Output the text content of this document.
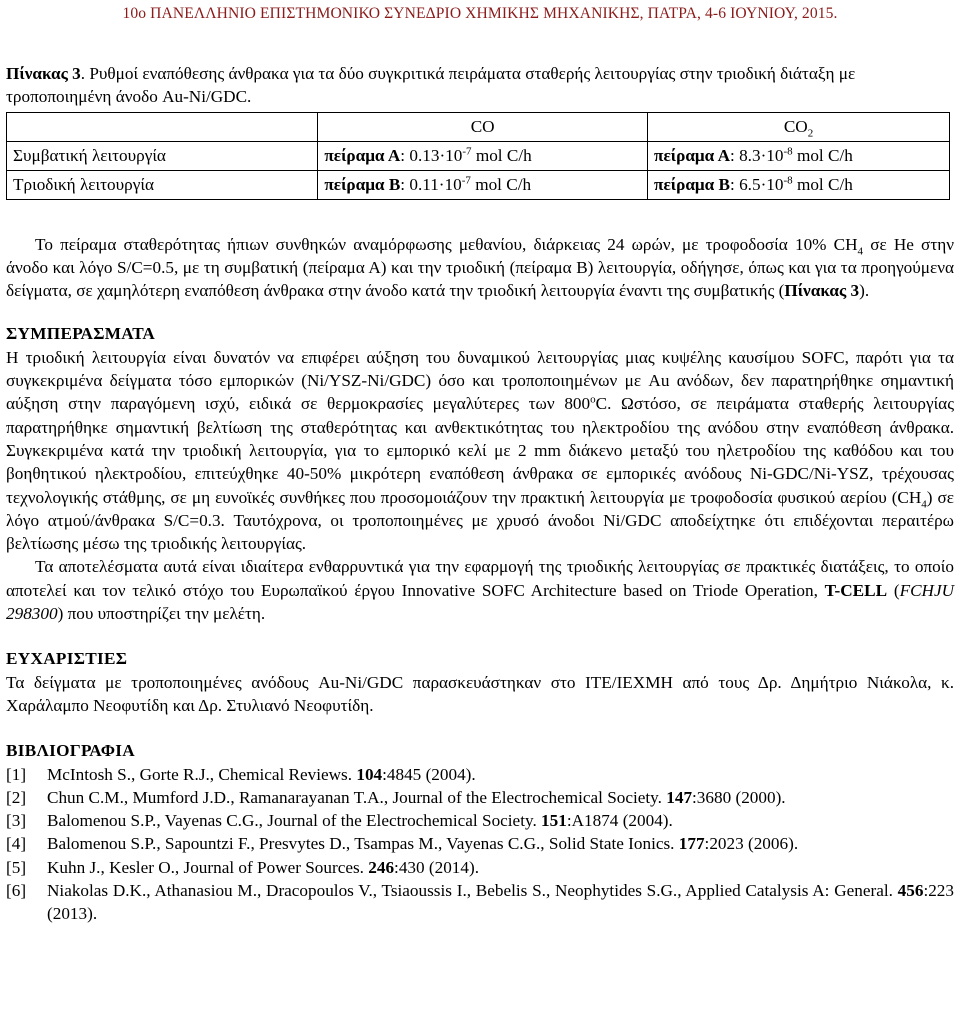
10ο ΠΑΝΕΛΛΗΝΙΟ ΕΠΙΣΤΗΜΟΝΙΚΟ ΣΥΝΕΔΡΙΟ ΧΗΜΙΚΗΣ ΜΗΧΑΝΙΚΗΣ, ΠΑΤΡΑ, 4-6 ΙΟΥΝΙΟΥ, 2015.
Πίνακας 3. Ρυθμοί εναπόθεσης άνθρακα για τα δύο συγκριτικά πειράματα σταθερής λειτουργίας στην τριοδική διάταξη με τροποποιημένη άνοδο Au-Ni/GDC.
	CO	$CO_2$
Συμβατική λειτουργία	πείραμα Α: $0.13\cdot 10^{-7}$ mol C/h	πείραμα Α: $8.3\cdot 10^{-8}$ mol C/h
Τριοδική λειτουργία	πείραμα Β: $0.11\cdot 10^{-7}$ mol C/h	πείραμα Β: $6.5\cdot 10^{-8}$ mol C/h

Το πείραμα σταθερότητας ήπιων συνθηκών αναμόρφωσης μεθανίου, διάρκειας 24 ωρών, με τροφοδοσία 10% $CH_4$ σε He στην άνοδο και λόγο S/C=0.5, με τη συμβατική (πείραμα Α) και την τριοδική (πείραμα Β) λειτουργία, οδήγησε, όπως και για τα προηγούμενα δείγματα, σε χαμηλότερη εναπόθεση άνθρακα στην άνοδο κατά την τριοδική λειτουργία έναντι της συμβατικής (Πίνακας 3).

ΣΥΜΠΕΡΑΣΜΑΤΑ

Η τριοδική λειτουργία είναι δυνατόν να επιφέρει αύξηση του δυναμικού λειτουργίας μιας κυψέλης καυσίμου SOFC, παρότι για τα συγκεκριμένα δείγματα τόσο εμπορικών (Ni/YSZ-Ni/GDC) όσο και τροποποιημένων με Au ανόδων, δεν παρατηρήθηκε σημαντική αύξηση στην παραγόμενη ισχύ, ειδικά σε θερμοκρασίες μεγαλύτερες των 800$^o$C. Ωστόσο, σε πειράματα σταθερής λειτουργίας παρατηρήθηκε σημαντική βελτίωση της σταθερότητας και ανθεκτικότητας του ηλεκτροδίου της ανόδου στην εναπόθεση άνθρακα. Συγκεκριμένα κατά την τριοδική λειτουργία, για το εμπορικό κελί με 2 mm διάκενο μεταξύ του ηλετροδίου της καθόδου και του βοηθητικού ηλεκτροδίου, επιτεύχθηκε 40-50% μικρότερη εναπόθεση άνθρακα σε εμπορικές ανόδους Ni-GDC/Ni-YSZ, τρέχουσας τεχνολογικής στάθμης, σε μη ευνοϊκές συνθήκες που προσομοιάζουν την πρακτική λειτουργία με τροφοδοσία φυσικού αερίου $(CH_4)$ σε λόγο ατμού/άνθρακα S/C=0.3. Ταυτόχρονα, οι τροποποιημένες με χρυσό άνοδοι Ni/GDC αποδείχτηκε ότι επιδέχονται περαιτέρω βελτίωσης μέσω της τριοδικής λειτουργίας.

Τα αποτελέσματα αυτά είναι ιδιαίτερα ενθαρρυντικά για την εφαρμογή της τριοδικής λειτουργίας σε πρακτικές διατάξεις, το οποίο αποτελεί και τον τελικό στόχο του Ευρωπαϊκού έργου Innovative SOFC Architecture based on Triode Operation, T-CELL (FCHJU 298300) που υποστηρίζει την μελέτη.

ΕΥΧΑΡΙΣΤΙΕΣ

Τα δείγματα με τροποποιημένες ανόδους Au-Ni/GDC παρασκευάστηκαν στο ΙΤΕ/ΙΕΧΜΗ από τους Δρ. Δημήτριο Νιάκολα, κ. Χαράλαμπο Νεοφυτίδη και Δρ. Στυλιανό Νεοφυτίδη.

ΒΙΒΛΙΟΓΡΑΦΙΑ
[1]	McIntosh S., Gorte R.J., Chemical Reviews. 104:4845 (2004).
[2]	Chun C.M., Mumford J.D., Ramanarayanan T.A., Journal of the Electrochemical Society. 147:3680 (2000).
[3]	Balomenou S.P., Vayenas C.G., Journal of the Electrochemical Society. 151:A1874 (2004).
[4]	Balomenou S.P., Sapountzi F., Presvytes D., Tsampas M., Vayenas C.G., Solid State Ionics. 177:2023 (2006).
[5]	Kuhn J., Kesler O., Journal of Power Sources. 246:430 (2014).
[6]	Niakolas D.K., Athanasiou M., Dracopoulos V., Tsiaoussis I., Bebelis S., Neophytides S.G., Applied Catalysis A: General. 456:223 (2013).
